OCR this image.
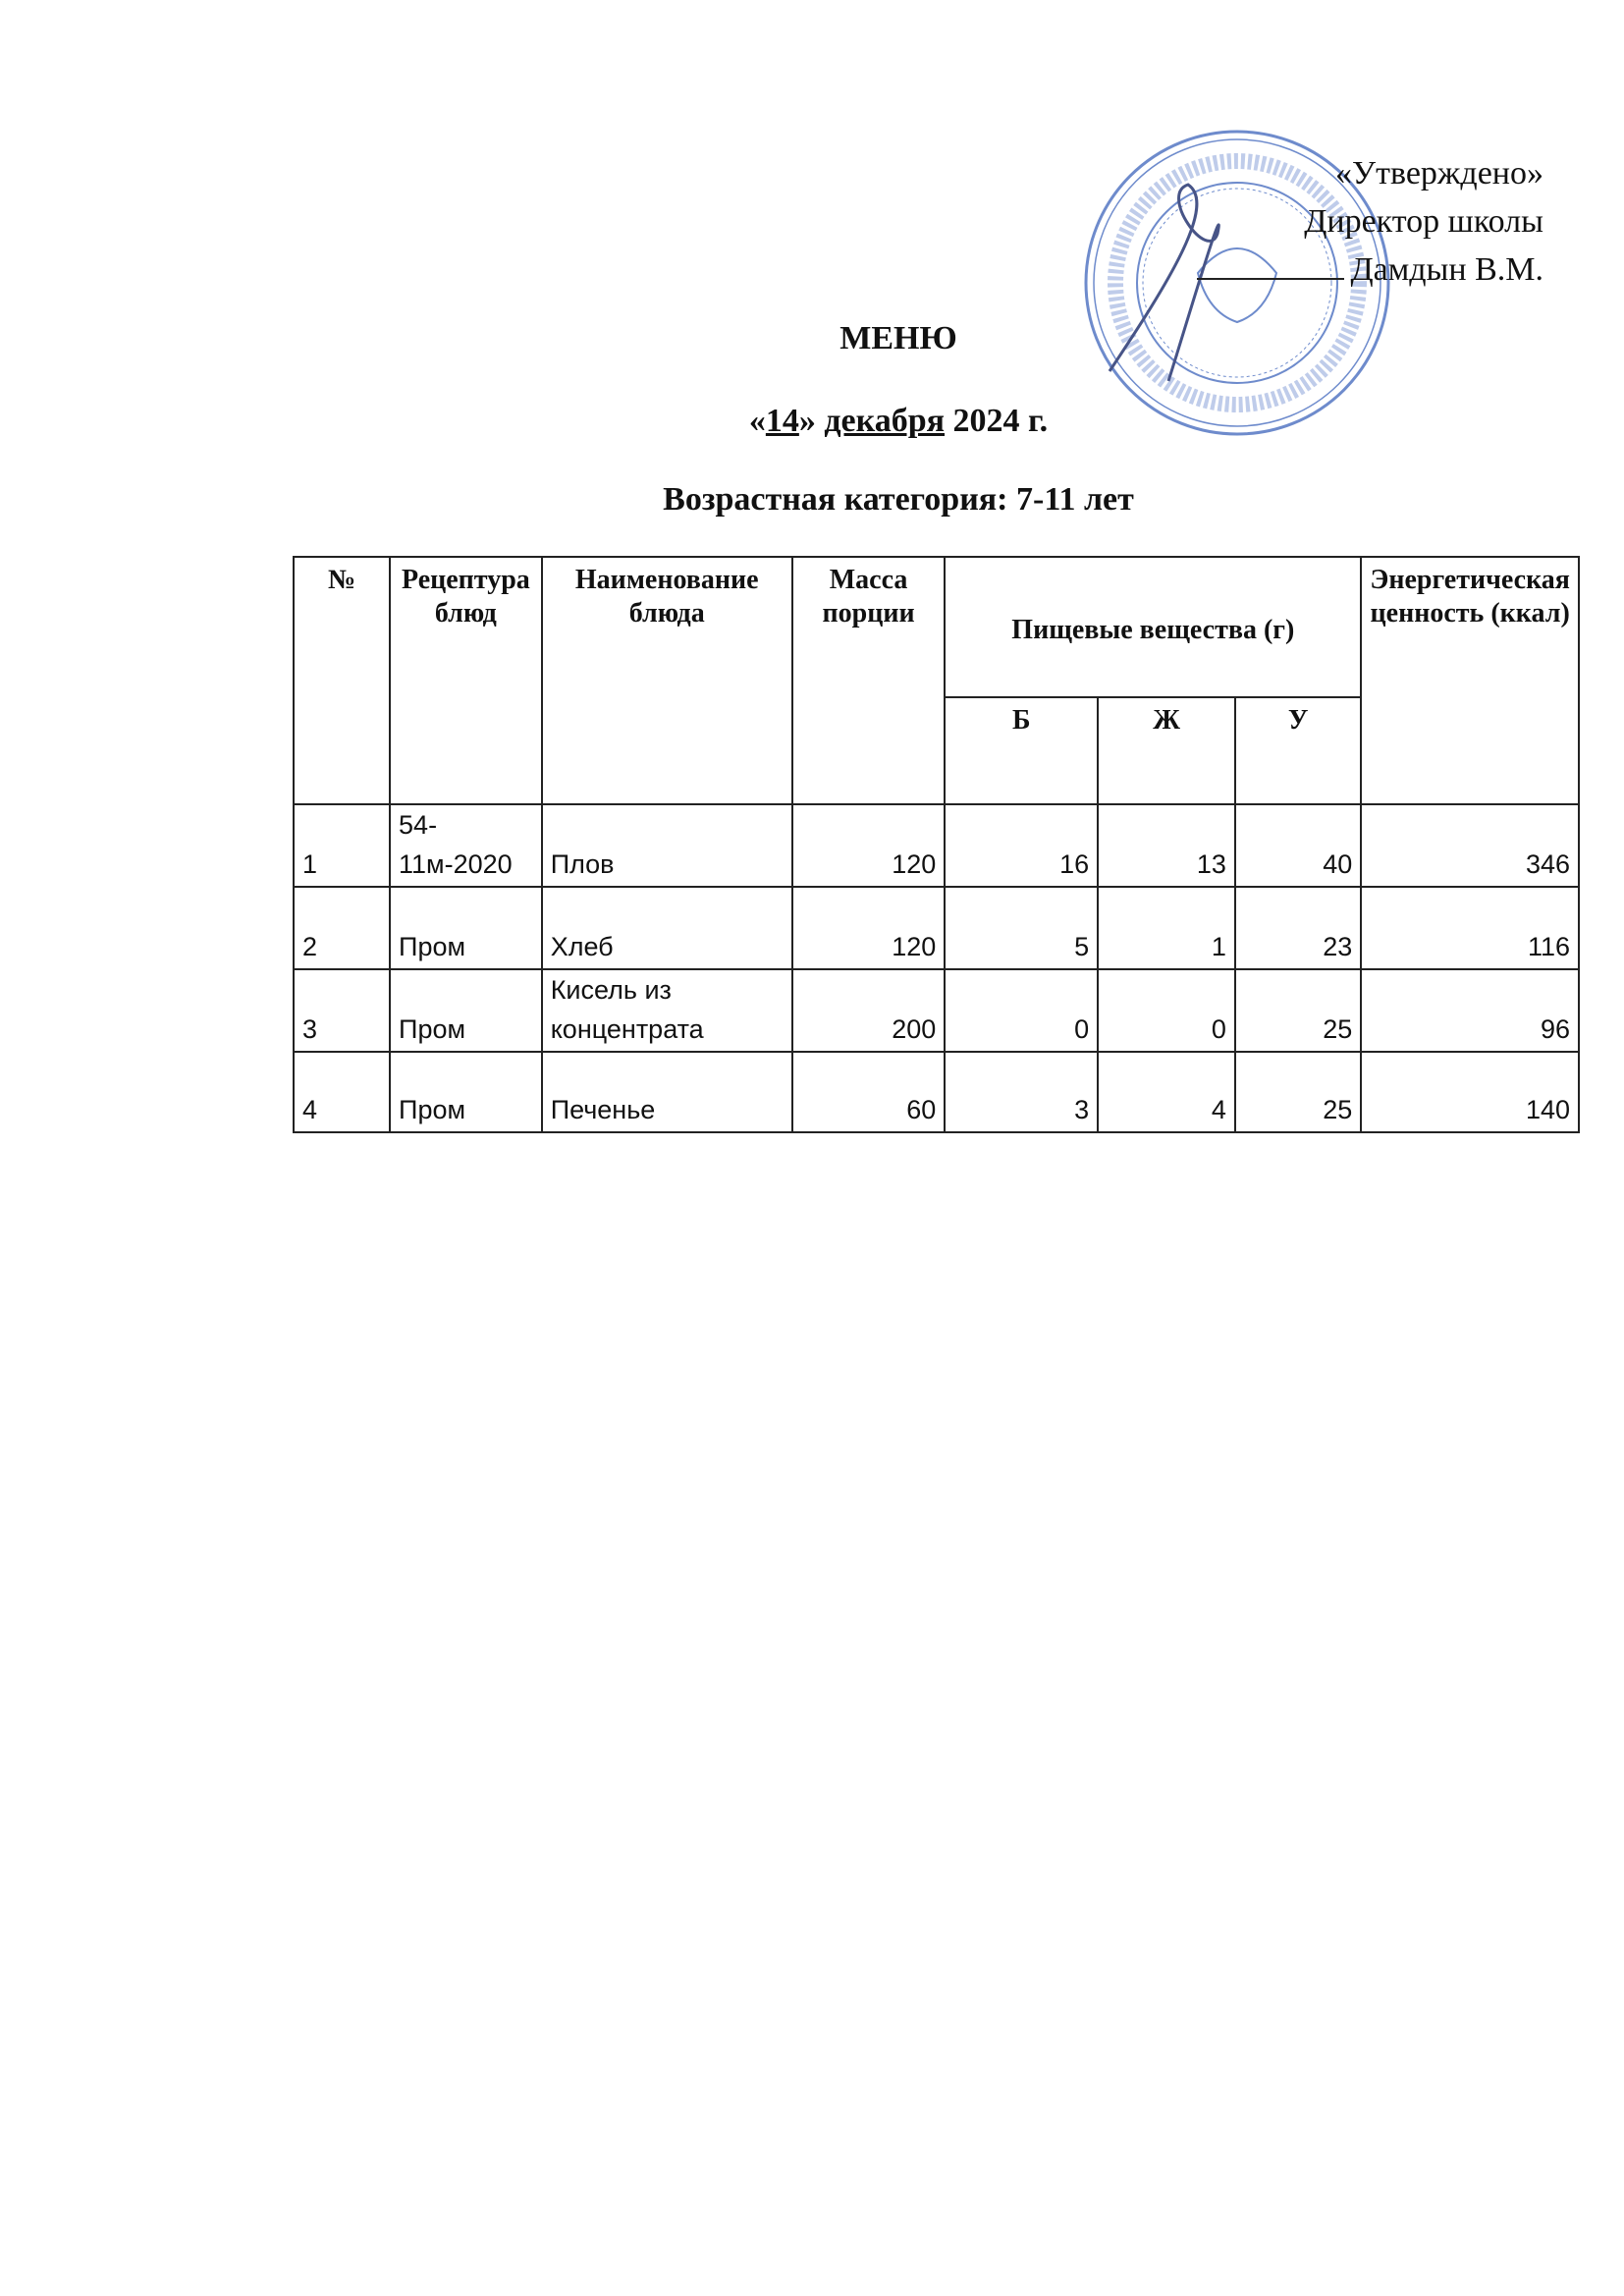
«Утверждено»
Директор школы
Дамдын В.М.
МЕНЮ
«14» декабря 2024 г.
Возрастная категория: 7-11 лет
№	Рецептура блюд	Наименование блюда	Масса порции	Пищевые вещества (г)			Энергетическая ценность (ккал)
				Б	Ж	У	
1	54-11м-2020	Плов	120	16	13	40	346
2	Пром	Хлеб	120	5	1	23	116
3	Пром	Кисель из концентрата	200	0	0	25	96
4	Пром	Печенье	60	3	4	25	140
